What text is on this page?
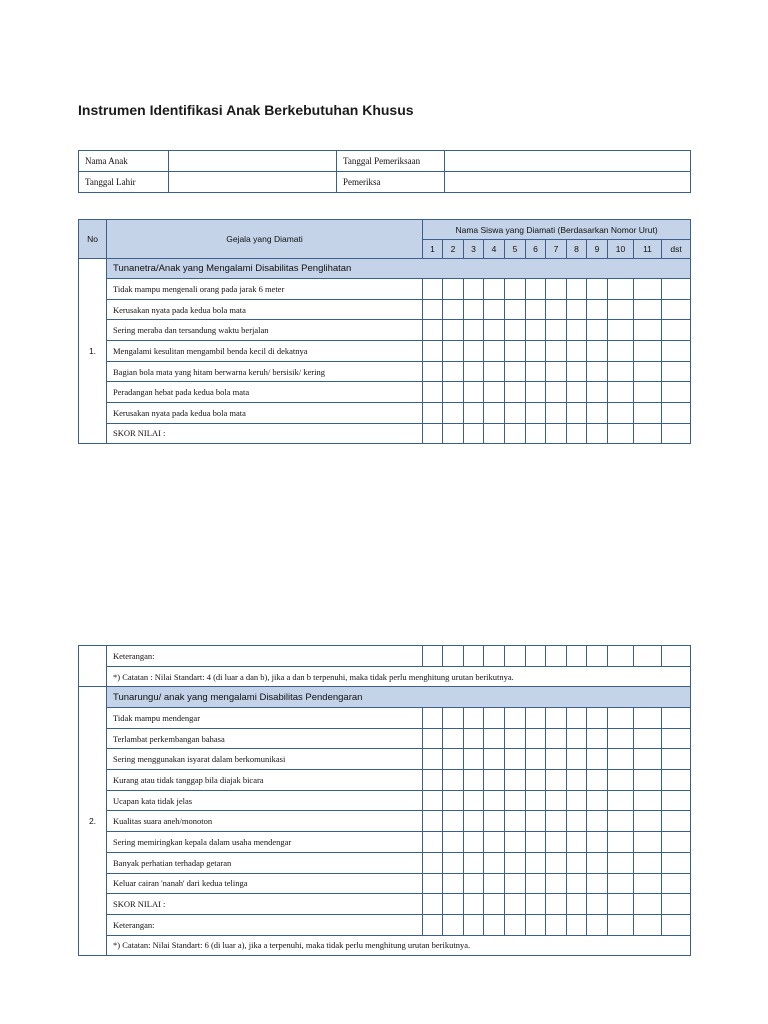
Instrumen Identifikasi Anak Berkebutuhan Khusus
Nama Anak		Tanggal Pemeriksaan	
Tanggal Lahir		Pemeriksa	
No	Gejala yang Diamati	Nama Siswa yang Diamati (Berdasarkan Nomor Urut)											
		1	2	3	4	5	6	7	8	9	10	11	dst
1.	Tunanetra/Anak yang Mengalami Disabilitas Penglihatan												
	Tidak mampu mengenali orang pada jarak 6 meter												
	Kerusakan nyata pada kedua bola mata												
	Sering meraba dan tersandung waktu berjalan												
	Mengalami kesulitan mengambil benda kecil di dekatnya												
	Bagian bola mata yang hitam berwarna keruh/ bersisik/ kering												
	Peradangan hebat pada kedua bola mata												
	Kerusakan nyata pada kedua bola mata												
	SKOR NILAI :												
	Keterangan:												
	*) Catatan : Nilai Standart: 4 (di luar a dan b), jika a dan b terpenuhi, maka tidak perlu menghitung urutan berikutnya.												
2.	Tunarungu/ anak yang mengalami Disabilitas Pendengaran												
	Tidak mampu mendengar												
	Terlambat perkembangan bahasa												
	Sering menggunakan isyarat dalam berkomunikasi												
	Kurang atau tidak tanggap bila diajak bicara												
	Ucapan kata tidak jelas												
	Kualitas suara aneh/monoton												
	Sering memiringkan kepala dalam usaha mendengar												
	Banyak perhatian terhadap getaran												
	Keluar cairan 'nanah' dari kedua telinga												
	SKOR NILAI :												
	Keterangan:												
	*) Catatan: Nilai Standart: 6 (di luar a), jika a terpenuhi, maka tidak perlu menghitung urutan berikutnya.												
